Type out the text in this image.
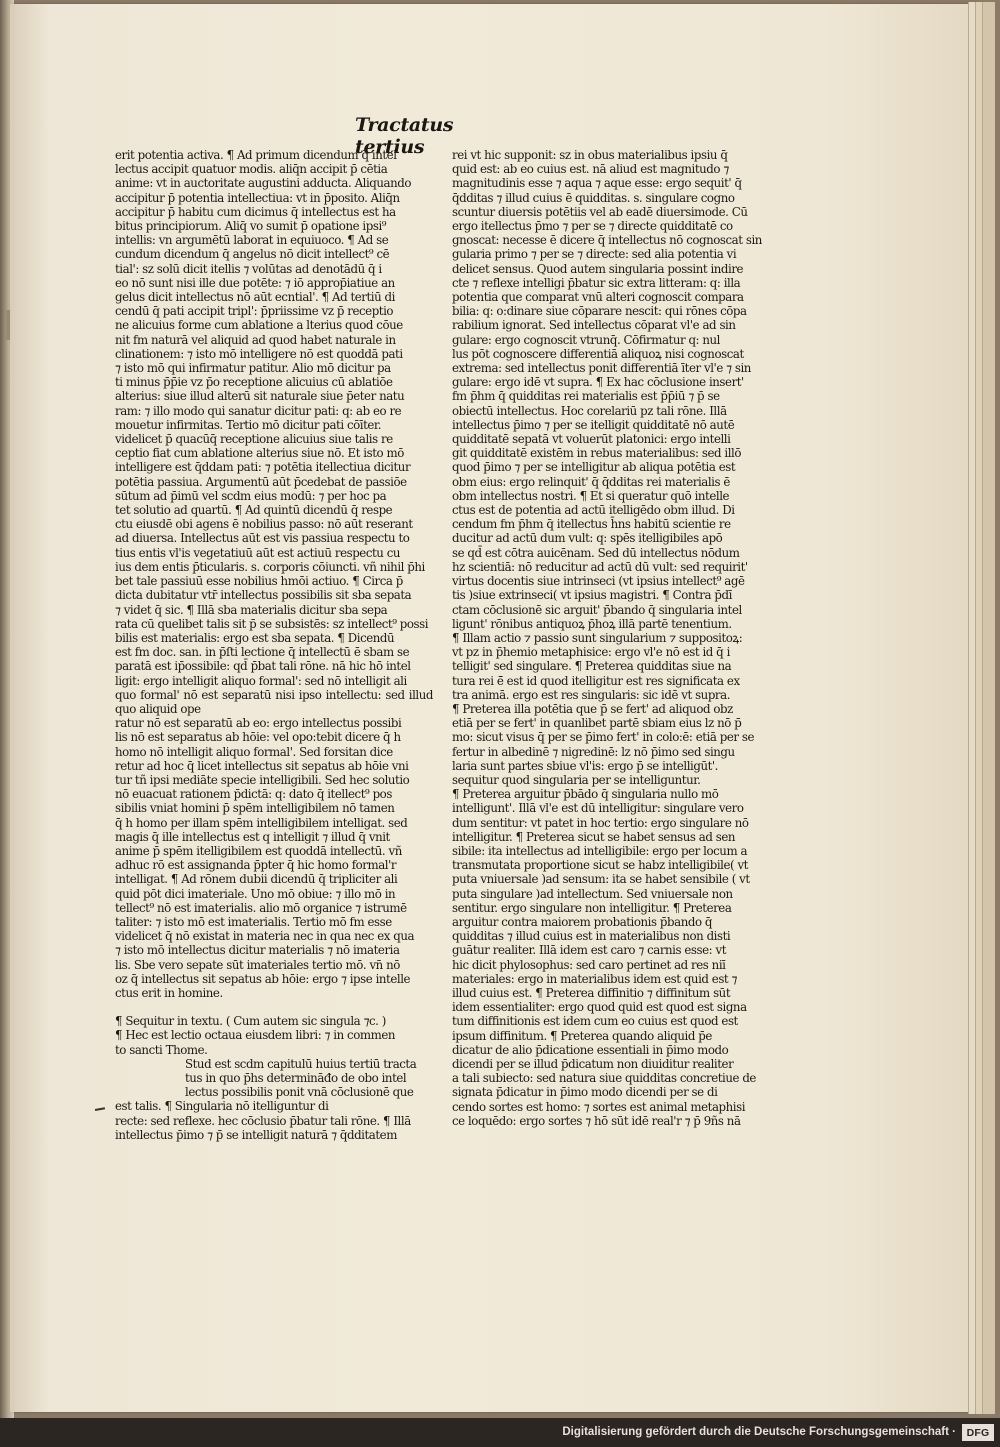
Tractatus tertius

erit potentia activa. ¶ Ad primum dicendum q̄ intel

lectus accipit quatuor modis. aliq̄n accipit p̄ cētia

anime: vt in auctoritate augustini adducta. Aliquando

accipitur p̄ potentia intellectiua: vt in p̄posito. Aliq̄n

accipitur p̄ habitu cum dicimus q̄ intellectus est ha

bitus principiorum. Aliq̄ vo sumit p̄ opatione ipsi⁹

intellis: vn argumētū laborat in equiuoco. ¶ Ad se

cundum dicendum q̄ angelus nō dicit intellect⁹ cē

tial': sz solū dicit itellis ⁊ volūtas ad denotādū q̄ i

eo nō sunt nisi ille due potēte: ⁊ iō approp̄iatiue an

gelus dicit intellectus nō aūt ecntial'. ¶ Ad tertiū di

cendū q̄ pati accipit tripl': p̄priissime vz p̄ receptio

ne alicuius forme cum ablatione a lterius quod cōue

nit fm naturā vel aliquid ad quod habet naturale in

clinationem: ⁊ isto mō intelligere nō est quoddā pati

⁊ isto mō qui infirmatur patitur. Alio mō dicitur pa

ti minus p̄p̄ie vz p̄o receptione alicuius cū ablatiōe

alterius: siue illud alterū sit naturale siue p̄eter natu

ram: ⁊ illo modo qui sanatur dicitur pati: q: ab eo re

mouetur infirmitas. Tertio mō dicitur pati cōīter.

videlicet p̄ quacūq̄ receptione alicuius siue talis re

ceptio fiat cum ablatione alterius siue nō. Et isto mō

intelligere est q̄ddam pati: ⁊ potētia itellectiua dicitur

potētia passiua. Argumentū aūt p̄cedebat de passiōe

sūtum ad p̄imū vel scdm eius modū: ⁊ per hoc pa

tet solutio ad quartū. ¶ Ad quintū dicendū q̄ respe

ctu eiusdē obi agens ē nobilius passo: nō aūt reserant

ad diuersa. Intellectus aūt est vis passiua respectu to

tius entis vl'is vegetatiuū aūt est actiuū respectu cu

ius dem entis p̄ticularis. s. corporis cōiuncti. vñ nihil p̄hi

bet tale passiuū esse nobilius hmōi actiuo. ¶ Circa p̄

dicta dubitatur vtr̄ intellectus possibilis sit sba sepata

⁊ videt q̄ sic. ¶ Illā sba materialis dicitur sba sepa

rata cū quelibet talis sit p̄ se subsistēs: sz intellect⁹ possi

bilis est materialis: ergo est sba sepata. ¶ Dicendū

est fm doc. san. in p̄ſti lectione q̄ intellectū ē sbam se

paratā est ip̄ossibile: qd̄ p̄bat tali rōne. nā hic hō intel

ligit: ergo intelligit aliquo formal': sed nō intelligit ali

quo formal' nō est separatū nisi ipso intellectu: sed illud quo aliquid ope

ratur nō est separatū ab eo: ergo intellectus possibi

lis nō est separatus ab hōie: vel opo:tebit dicere q̄ h

homo nō intelligit aliquo formal'. Sed forsitan dice

retur ad hoc q̄ licet intellectus sit sepatus ab hōie vni

tur tñ ipsi mediāte specie intelligibili. Sed hec solutio

nō euacuat rationem p̄dictā: q: dato q̄ itellect⁹ pos

sibilis vniat homini p̄ spēm intelligibilem nō tamen

q̄ h homo per illam spēm intelligibilem intelligat. sed

magis q̄ ille intellectus est q intelligit ⁊ illud q̄ vnit

anime p̄ spēm itelligibilem est quoddā intellectū. vñ

adhuc rō est assignanda p̄pter q̄ hic homo formal'r

intelligat. ¶ Ad rōnem dubii dicendū q̄ tripliciter ali

quid pōt dici imateriale. Uno mō obiue: ⁊ illo mō in

tellect⁹ nō est imaterialis. alio mō organice ⁊ istrumē

taliter: ⁊ isto mō est imaterialis. Tertio mō fm esse

videlicet q̄ nō existat in materia nec in qua nec ex qua

⁊ isto mō intellectus dicitur materialis ⁊ nō imateria

lis. Sbe vero sepate sūt imateriales tertio mō. vn̄ nō

oz q̄ intellectus sit sepatus ab hōie: ergo ⁊ ipse intelle

ctus erit in homine.

¶ Sequitur in textu. ( Cum autem sic singula ⁊c. )

¶ Hec est lectio octaua eiusdem libri: ⁊ in commen

to sancti Thome.

Stud est scdm capitulū huius tertiū tracta

tus in quo p̄hs determināđo de obo intel

lectus possibilis ponit vnā cōclusionē que

est talis. ¶ Singularia nō itelliguntur di

recte: sed reflexe. hec cōclusio p̄batur tali rōne. ¶ Illā

intellectus p̄imo ⁊ p̄ se intelligit naturā ⁊ q̄dditatem

rei vt hic supponit: sz in obus materialibus ipsiu q̄

quid est: ab eo cuius est. nā aliud est magnitudo ⁊

magnitudinis esse ⁊ aqua ⁊ aque esse: ergo sequit' q̄

q̄dditas ⁊ illud cuius ē quidditas. s. singulare cogno

scuntur diuersis potētiis vel ab eadē diuersimode. Cū

ergo itellectus p̄mo ⁊ per se ⁊ directe quidditatē co

gnoscat: necesse ē dicere q̄ intellectus nō cognoscat sin

gularia primo ⁊ per se ⁊ directe: sed alia potentia vi

delicet sensus. Quod autem singularia possint indire

cte ⁊ reflexe intelligi p̄batur sic extra litteram: q: illa

potentia que comparat vnū alteri cognoscit compara

bilia: q: o:dinare siue cōparare nescit: qui rōnes cōpa

rabilium ignorat. Sed intellectus cōparat vl'e ad sin

gulare: ergo cognoscit vtrunq̄. Cōfirmatur q: nul

lus pōt cognoscere differentiā aliquoꝝ nisi cognoscat

extrema: sed intellectus ponit differentiā īter vl'e ⁊ sin

gulare: ergo idē vt supra. ¶ Ex hac cōclusione insert'

fm p̄hm q̄ quidditas rei materialis est p̄p̄iū ⁊ p̄ se

obiectū intellectus. Hoc corelariū pz tali rōne. Illā

intellectus p̄imo ⁊ per se itelligit quidditatē nō autē

quidditatē sepatā vt voluerūt platonici: ergo intelli

git quidditatē existēm in rebus materialibus: sed illō

quod p̄imo ⁊ per se intelligitur ab aliqua potētia est

obm eius: ergo relinquit' q̄ q̄dditas rei materialis ē

obm intellectus nostri. ¶ Et si queratur quō intelle

ctus est de potentia ad actū itelligēdo obm illud. Di

cendum fm p̄hm q̄ itellectus h̄ns habitū scientie re

ducitur ad actū dum vult: q: spēs itelligibiles apō

se qd̄ est cōtra auicēnam. Sed dū intellectus nōdum

hz scientiā: nō reducitur ad actū dū vult: sed requirit'

virtus docentis siue intrinseci (vt ipsius intellect⁹ agē

tis )siue extrinseci( vt ipsius magistri. ¶ Contra p̄dī

ctam cōclusionē sic arguit' p̄bando q̄ singularia intel

ligunt' rōnibus antiquoꝝ p̄hoꝝ illā partē tenentium.

¶ Illam actio ⁊ passio sunt singularium ⁊ suppositoꝝ:

vt pz in p̄hemio metaphisice: ergo vl'e nō est id q̄ i

telligit' sed singulare. ¶ Preterea quidditas siue na

tura rei ē̄ est id quod itelligitur est res significata ex

tra animā. ergo est res singularis: sic idē vt supra.

¶ Preterea illa potētia que p̄ se fert' ad aliquod obz

etiā per se fert' in quanlibet partē sbiam eius lz nō p̄

mo: sicut visus q̄ per se p̄imo fert' in colo:ē: etiā per se

fertur in albedinē ⁊ nigredinē: lz nō p̄imo sed singu

laria sunt partes sbiue vl'is: ergo p̄ se intelligūt'.

sequitur quod singularia per se intelliguntur.

¶ Preterea arguitur p̄bādo q̄ singularia nullo mō

intelligunt'. Illā vl'e est dū intelligitur: singulare vero

dum sentitur: vt patet in hoc tertio: ergo singulare nō

intelligitur. ¶ Preterea sicut se habet sensus ad sen

sibile: ita intellectus ad intelligibile: ergo per locum a

transmutata proportione sicut se habz intelligibile( vt

puta vniuersale )ad sensum: ita se habet sensibile ( vt

puta singulare )ad intellectum. Sed vniuersale non

sentitur. ergo singulare non intelligitur. ¶ Preterea

arguitur contra maiorem probationis p̄bando q̄

quidditas ⁊ illud cuius est in materialibus non disti

guātur realiter. Illā idem est caro ⁊ carnis esse: vt

hic dicit phylosophus: sed caro pertinet ad res niī

materiales: ergo in materialibus idem est quid est ⁊

illud cuius est. ¶ Preterea diffinitio ⁊ diffinitum sūt

idem essentialiter: ergo quod quid est quod est signa

tum diffinitionis est idem cum eo cuius est quod est

ipsum diffinitum. ¶ Preterea quando aliquid p̄e

dicatur de alio p̄dicatione essentiali in p̄imo modo

dicendi per se illud p̄dicatum non diuiditur realiter

a tali subiecto: sed natura siue quidditas concretiue de

signata p̄dicatur in p̄imo modo dicendi per se di

cendo sortes est homo: ⁊ sortes est animal metaphisi

ce loquēdo: ergo sortes ⁊ hō sūt idē real'r ⁊ p̄ 9ñs nā

Digitalisierung gefördert durch die Deutsche Forschungsgemeinschaft ·	DFG
